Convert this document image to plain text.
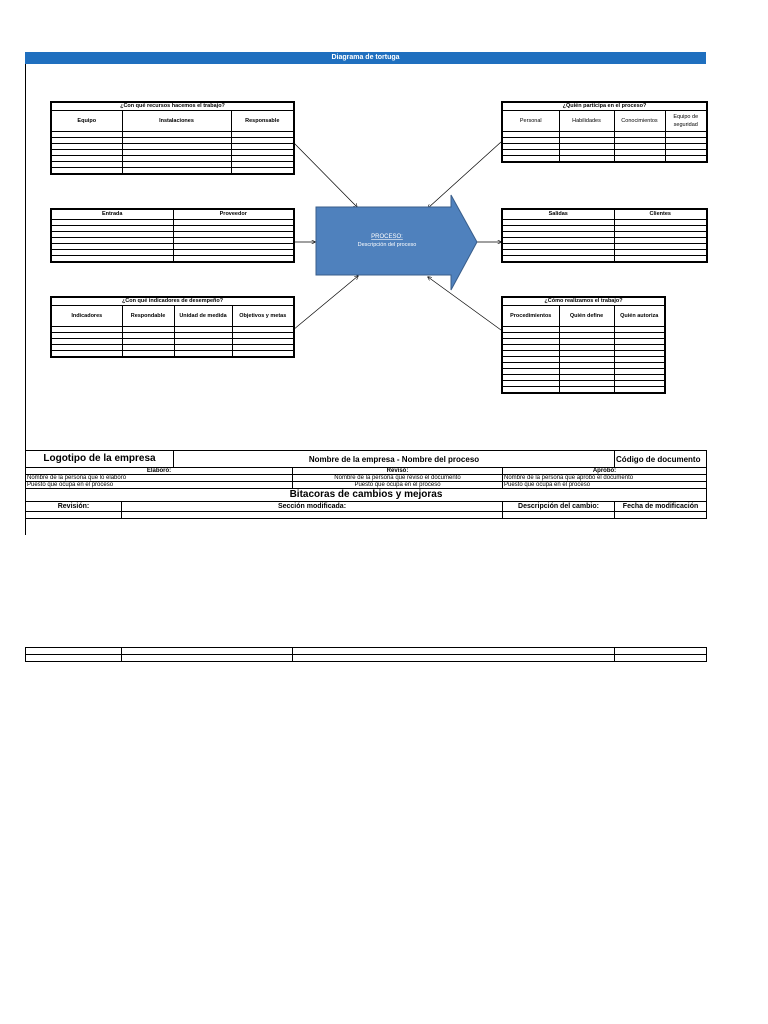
Diagrama de tortuga
¿Con qué recursos hacemos el trabajo?		
Equipo	Instalaciones	Responsable

¿Quién participa en el proceso?			
Personal	Habilidades	Conocimientos	Equipo de seguridad

Entrada	Proveedor

		Salidas	Clientes

¿Con qué indicadores de desempeño?			
Indicadores	Respondable	Unidad de medida	Objetivos y metas

¿Cómo realizamos el trabajo?		
Procedimientos	Quién define	Quién autoriza

PROCESO:
Descripción del proceso
Logotipo de la empresa		Nombre de la empresa - Nombre del proceso			Código de documento
Elaboró:			Revisó:	Aprobó:	
Nombre de la persona que lo elaboró			Nombre de la persona que reviso el documento	Nombre de la persona que aprobó el documento	
Puesto que ocupa en el proceso			Puesto que ocupa en el proceso	Puesto que ocupa en el proceso	
Bitacoras de cambios y mejoras					
Revisión:	Sección modificada:			Descripción del cambio:	Fecha de modificación
